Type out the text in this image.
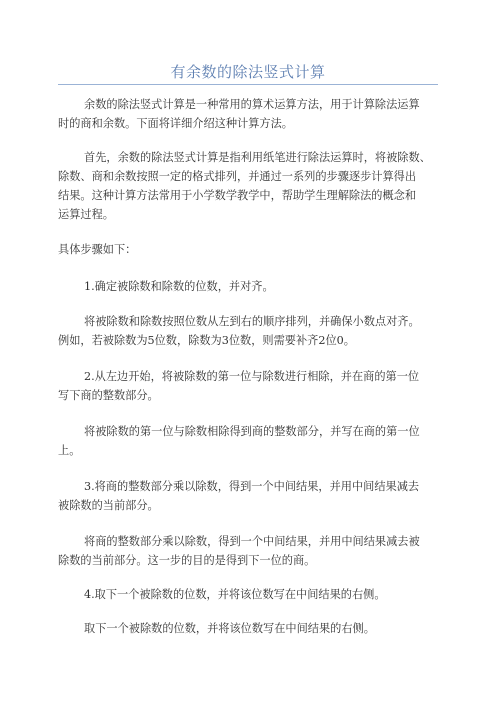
有余数的除法竖式计算

余数的除法竖式计算是一种常用的算术运算方法，用于计算除法运算
时的商和余数。下面将详细介绍这种计算方法。

首先，余数的除法竖式计算是指利用纸笔进行除法运算时，将被除数、
除数、商和余数按照一定的格式排列，并通过一系列的步骤逐步计算得出
结果。这种计算方法常用于小学数学教学中，帮助学生理解除法的概念和
运算过程。

具体步骤如下：

1.确定被除数和除数的位数，并对齐。

将被除数和除数按照位数从左到右的顺序排列，并确保小数点对齐。
例如，若被除数为5位数，除数为3位数，则需要补齐2位0。

2.从左边开始，将被除数的第一位与除数进行相除，并在商的第一位
写下商的整数部分。

将被除数的第一位与除数相除得到商的整数部分，并写在商的第一位
上。

3.将商的整数部分乘以除数，得到一个中间结果，并用中间结果减去
被除数的当前部分。

将商的整数部分乘以除数，得到一个中间结果，并用中间结果减去被
除数的当前部分。这一步的目的是得到下一位的商。

4.取下一个被除数的位数，并将该位数写在中间结果的右侧。

取下一个被除数的位数，并将该位数写在中间结果的右侧。
